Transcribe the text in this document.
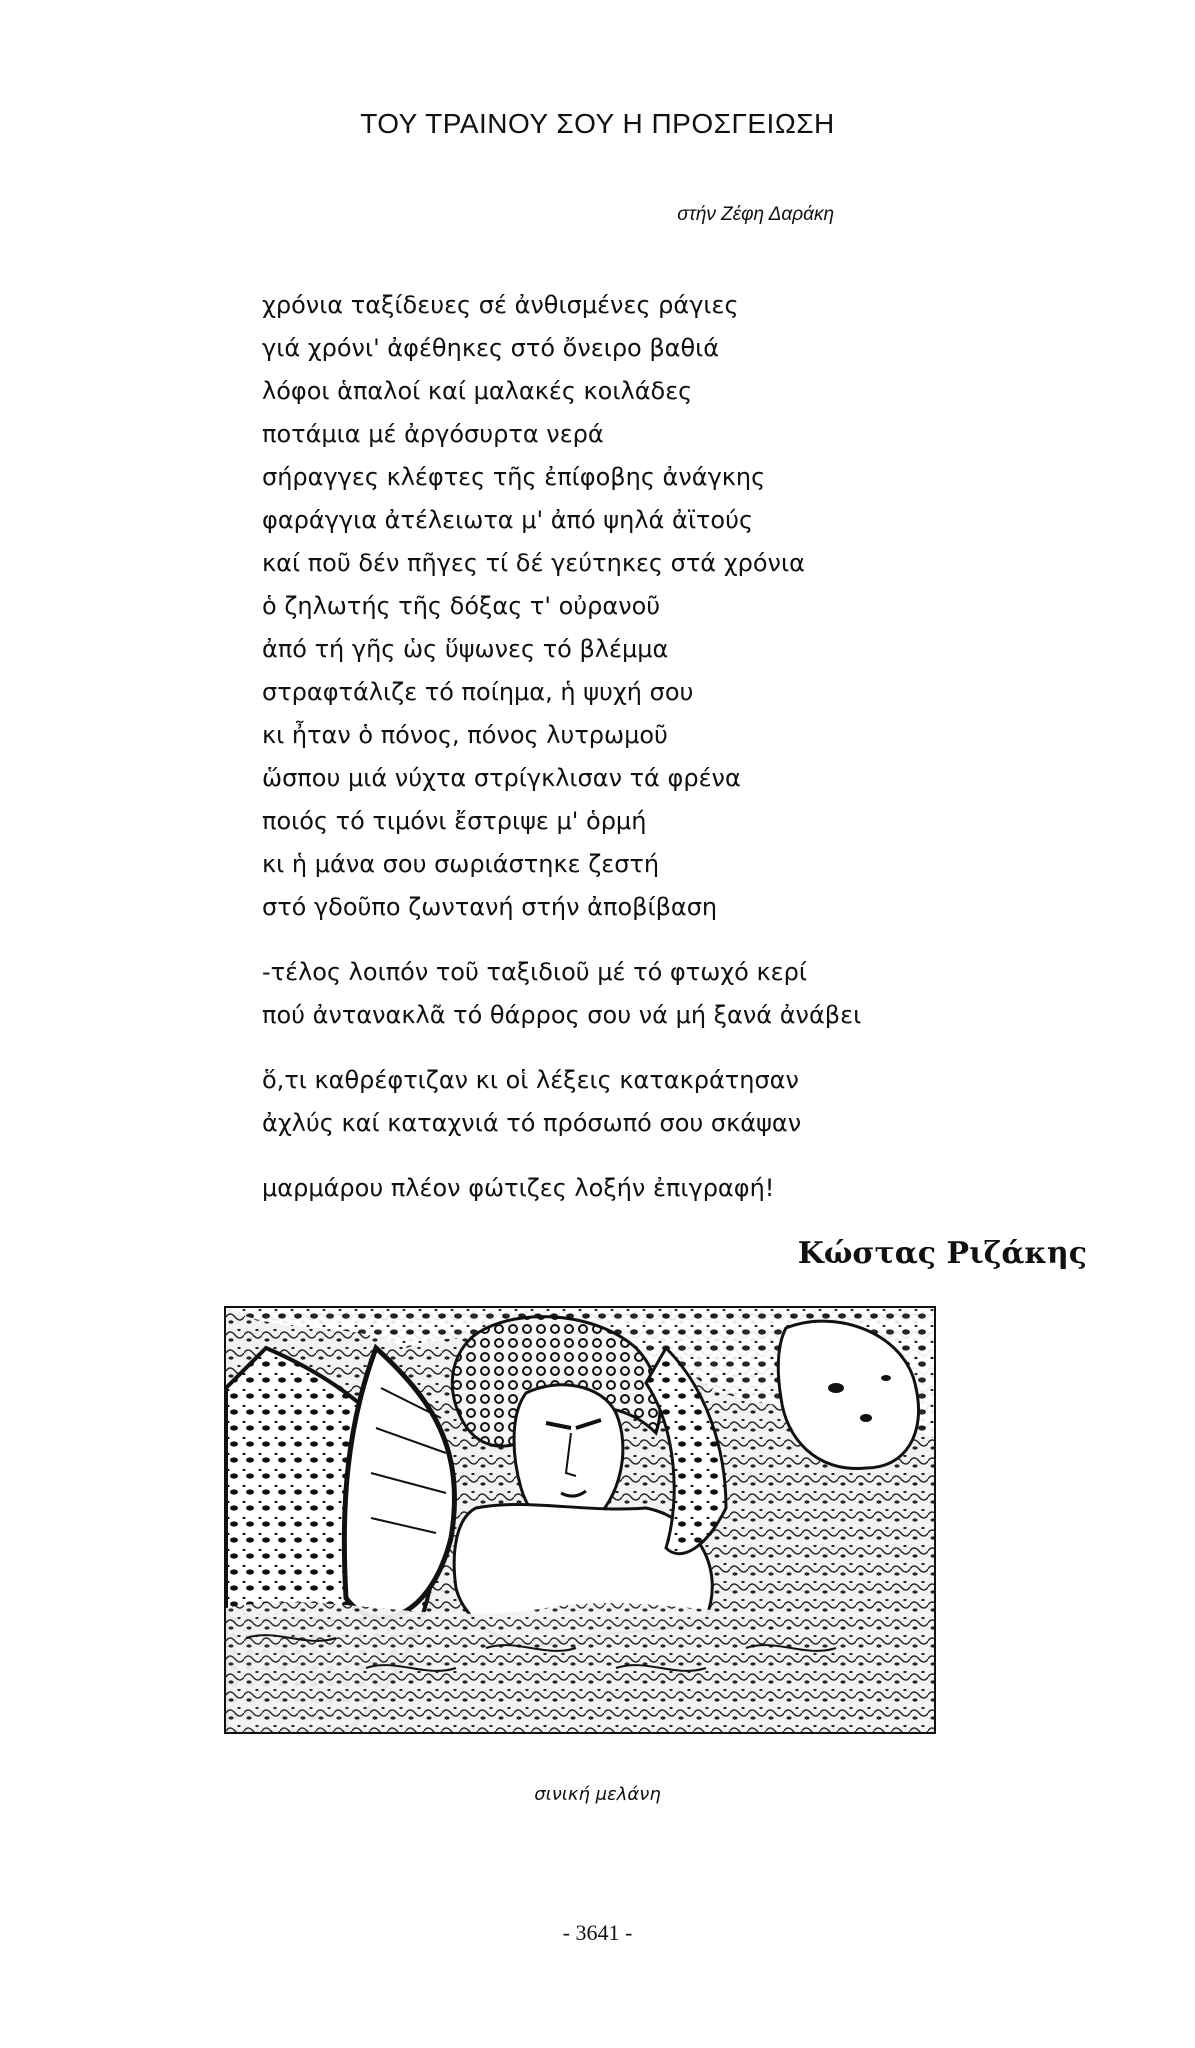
ΤΟΥ ΤΡΑΙΝΟΥ ΣΟΥ Η ΠΡΟΣΓΕΙΩΣΗ
στήν Ζέφη Δαράκη
χρόνια ταξίδευες σέ ἀνθισμένες ράγιες
γιά χρόνι' ἀφέθηκες στό ὄνειρο βαθιά
λόφοι ἁπαλοί καί μαλακές κοιλάδες
ποτάμια μέ ἀργόσυρτα νερά
σήραγγες κλέφτες τῆς ἐπίφοβης ἀνάγκης
φαράγγια ἀτέλειωτα μ' ἀπό ψηλά ἀϊτούς
καί ποῦ δέν πῆγες τί δέ γεύτηκες στά χρόνια
ὁ ζηλωτής τῆς δόξας τ' οὐρανοῦ
ἀπό τή γῆς ὡς ὕψωνες τό βλέμμα
στραφτάλιζε τό ποίημα, ἡ ψυχή σου
κι ἦταν ὁ πόνος, πόνος λυτρωμοῦ
ὥσπου μιά νύχτα στρίγκλισαν τά φρένα
ποιός τό τιμόνι ἔστριψε μ' ὁρμή
κι ἡ μάνα σου σωριάστηκε ζεστή
στό γδοῦπο ζωντανή στήν ἀποβίβαση
-τέλος λοιπόν τοῦ ταξιδιοῦ μέ τό φτωχό κερί
πού ἀντανακλᾶ τό θάρρος σου νά μή ξανά ἀνάβει
ὅ,τι καθρέφτιζαν κι οἱ λέξεις κατακράτησαν
ἀχλύς καί καταχνιά τό πρόσωπό σου σκάψαν
μαρμάρου πλέον φώτιζες λοξήν ἐπιγραφή!
Κώστας Ριζάκης
σινική μελάνη
- 3641 -
